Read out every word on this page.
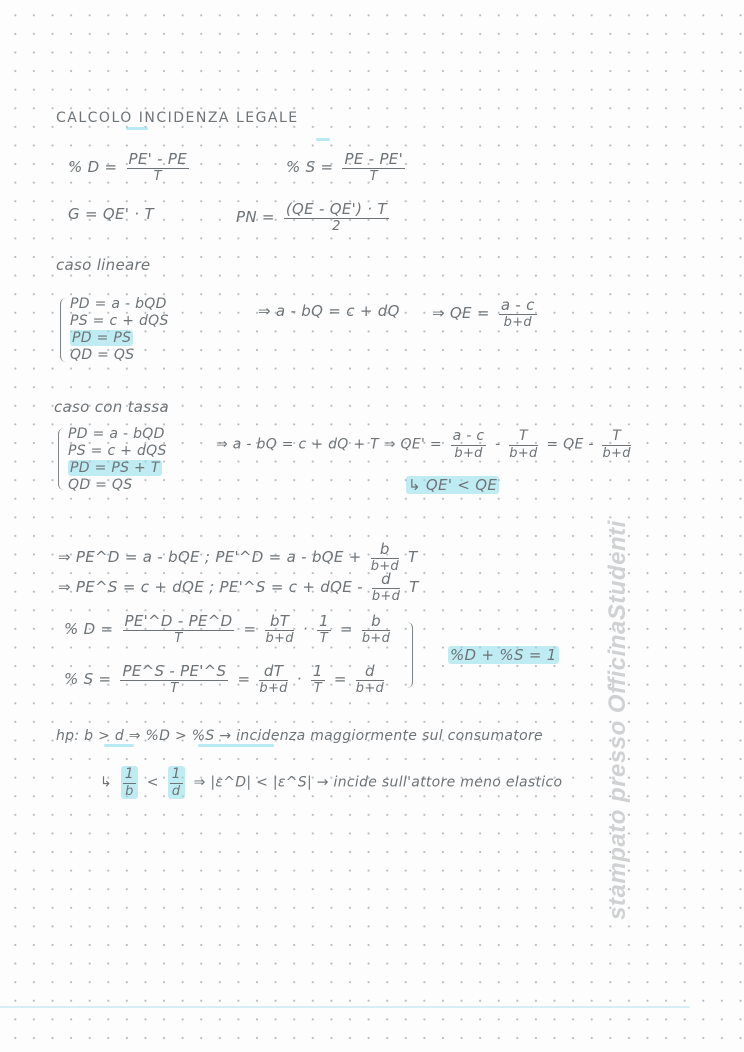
CALCOLO INCIDENZA LEGALE
% $D = \frac{PE' - PE}{T}$	% $S = \frac{PE - PE'}{T}$
G = QE' · T	PN = $\frac{(QE - QE') \cdot T}{2}$
caso lineare
PD = a - bQD
PS = c + dQS
PD = PS
QD = QS
⇒ a - bQ = c + dQ ⇒ QE = $\frac{a - c}{b+d}$
caso con tassa
PD = a - bQD
PS = c + dQS
PD = PS + T
QD = QS
⇒ a - bQ = c + dQ + T ⇒ $QE' = \frac{a - c}{b+d} - \frac{T}{b+d}$ = QE - $\frac{T}{b+d}$
↳ QE' < QE
⇒ PE^D = a - bQE ; PE'^D = a - bQE + $\frac{b}{b+d}$ T
⇒ PE^S = c + dQE ; PE'^S = c + dQE - $\frac{d}{b+d}$ T
% $D = \frac{PE'\^{}D - PE\^{}D}{T} = \frac{bT}{b+d} \cdot \frac{1}{T} = \frac{b}{b+d}$
% $S = \frac{PE\^{}S - PE'\^{}S}{T} = \frac{dT}{b+d} \cdot \frac{1}{T} = \frac{d}{b+d}$
%D + %S = 1
hp: b > d ⇒ %D > %S → incidenza maggiormente sul consumatore
↳ $\frac{1}{b} < \frac{1}{d}$ ⇒ |ε^D| < |ε^S| → incide sull'attore meno elastico stampato presso OfficinaStudenti
